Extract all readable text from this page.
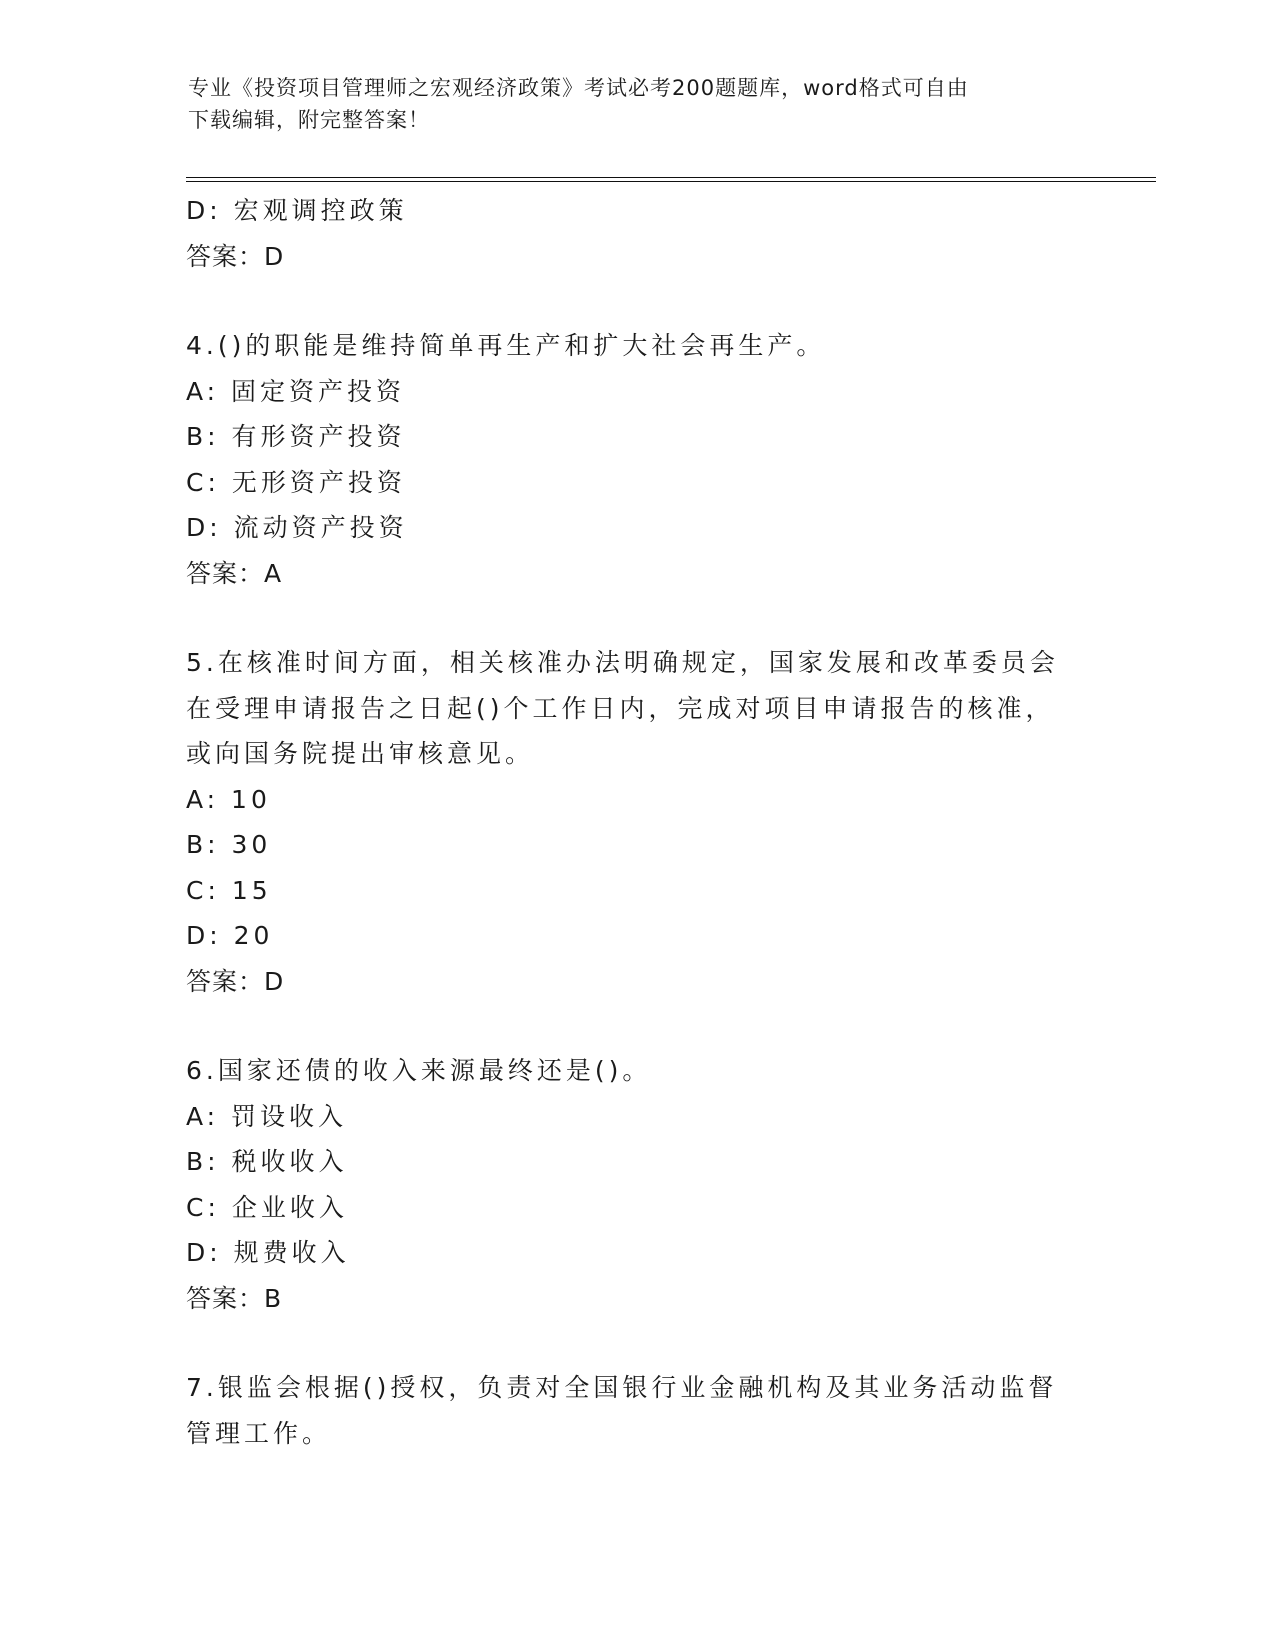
专业《投资项目管理师之宏观经济政策》考试必考200题题库，word格式可自由
下载编辑，附完整答案！
D: 宏观调控政策
答案：D
4.()的职能是维持简单再生产和扩大社会再生产。
A: 固定资产投资
B: 有形资产投资
C: 无形资产投资
D: 流动资产投资
答案：A
5.在核准时间方面，相关核准办法明确规定，国家发展和改革委员会
在受理申请报告之日起()个工作日内，完成对项目申请报告的核准，
或向国务院提出审核意见。
A: 10
B: 30
C: 15
D: 20
答案：D
6.国家还债的收入来源最终还是()。
A: 罚设收入
B: 税收收入
C: 企业收入
D: 规费收入
答案：B
7.银监会根据()授权，负责对全国银行业金融机构及其业务活动监督
管理工作。
